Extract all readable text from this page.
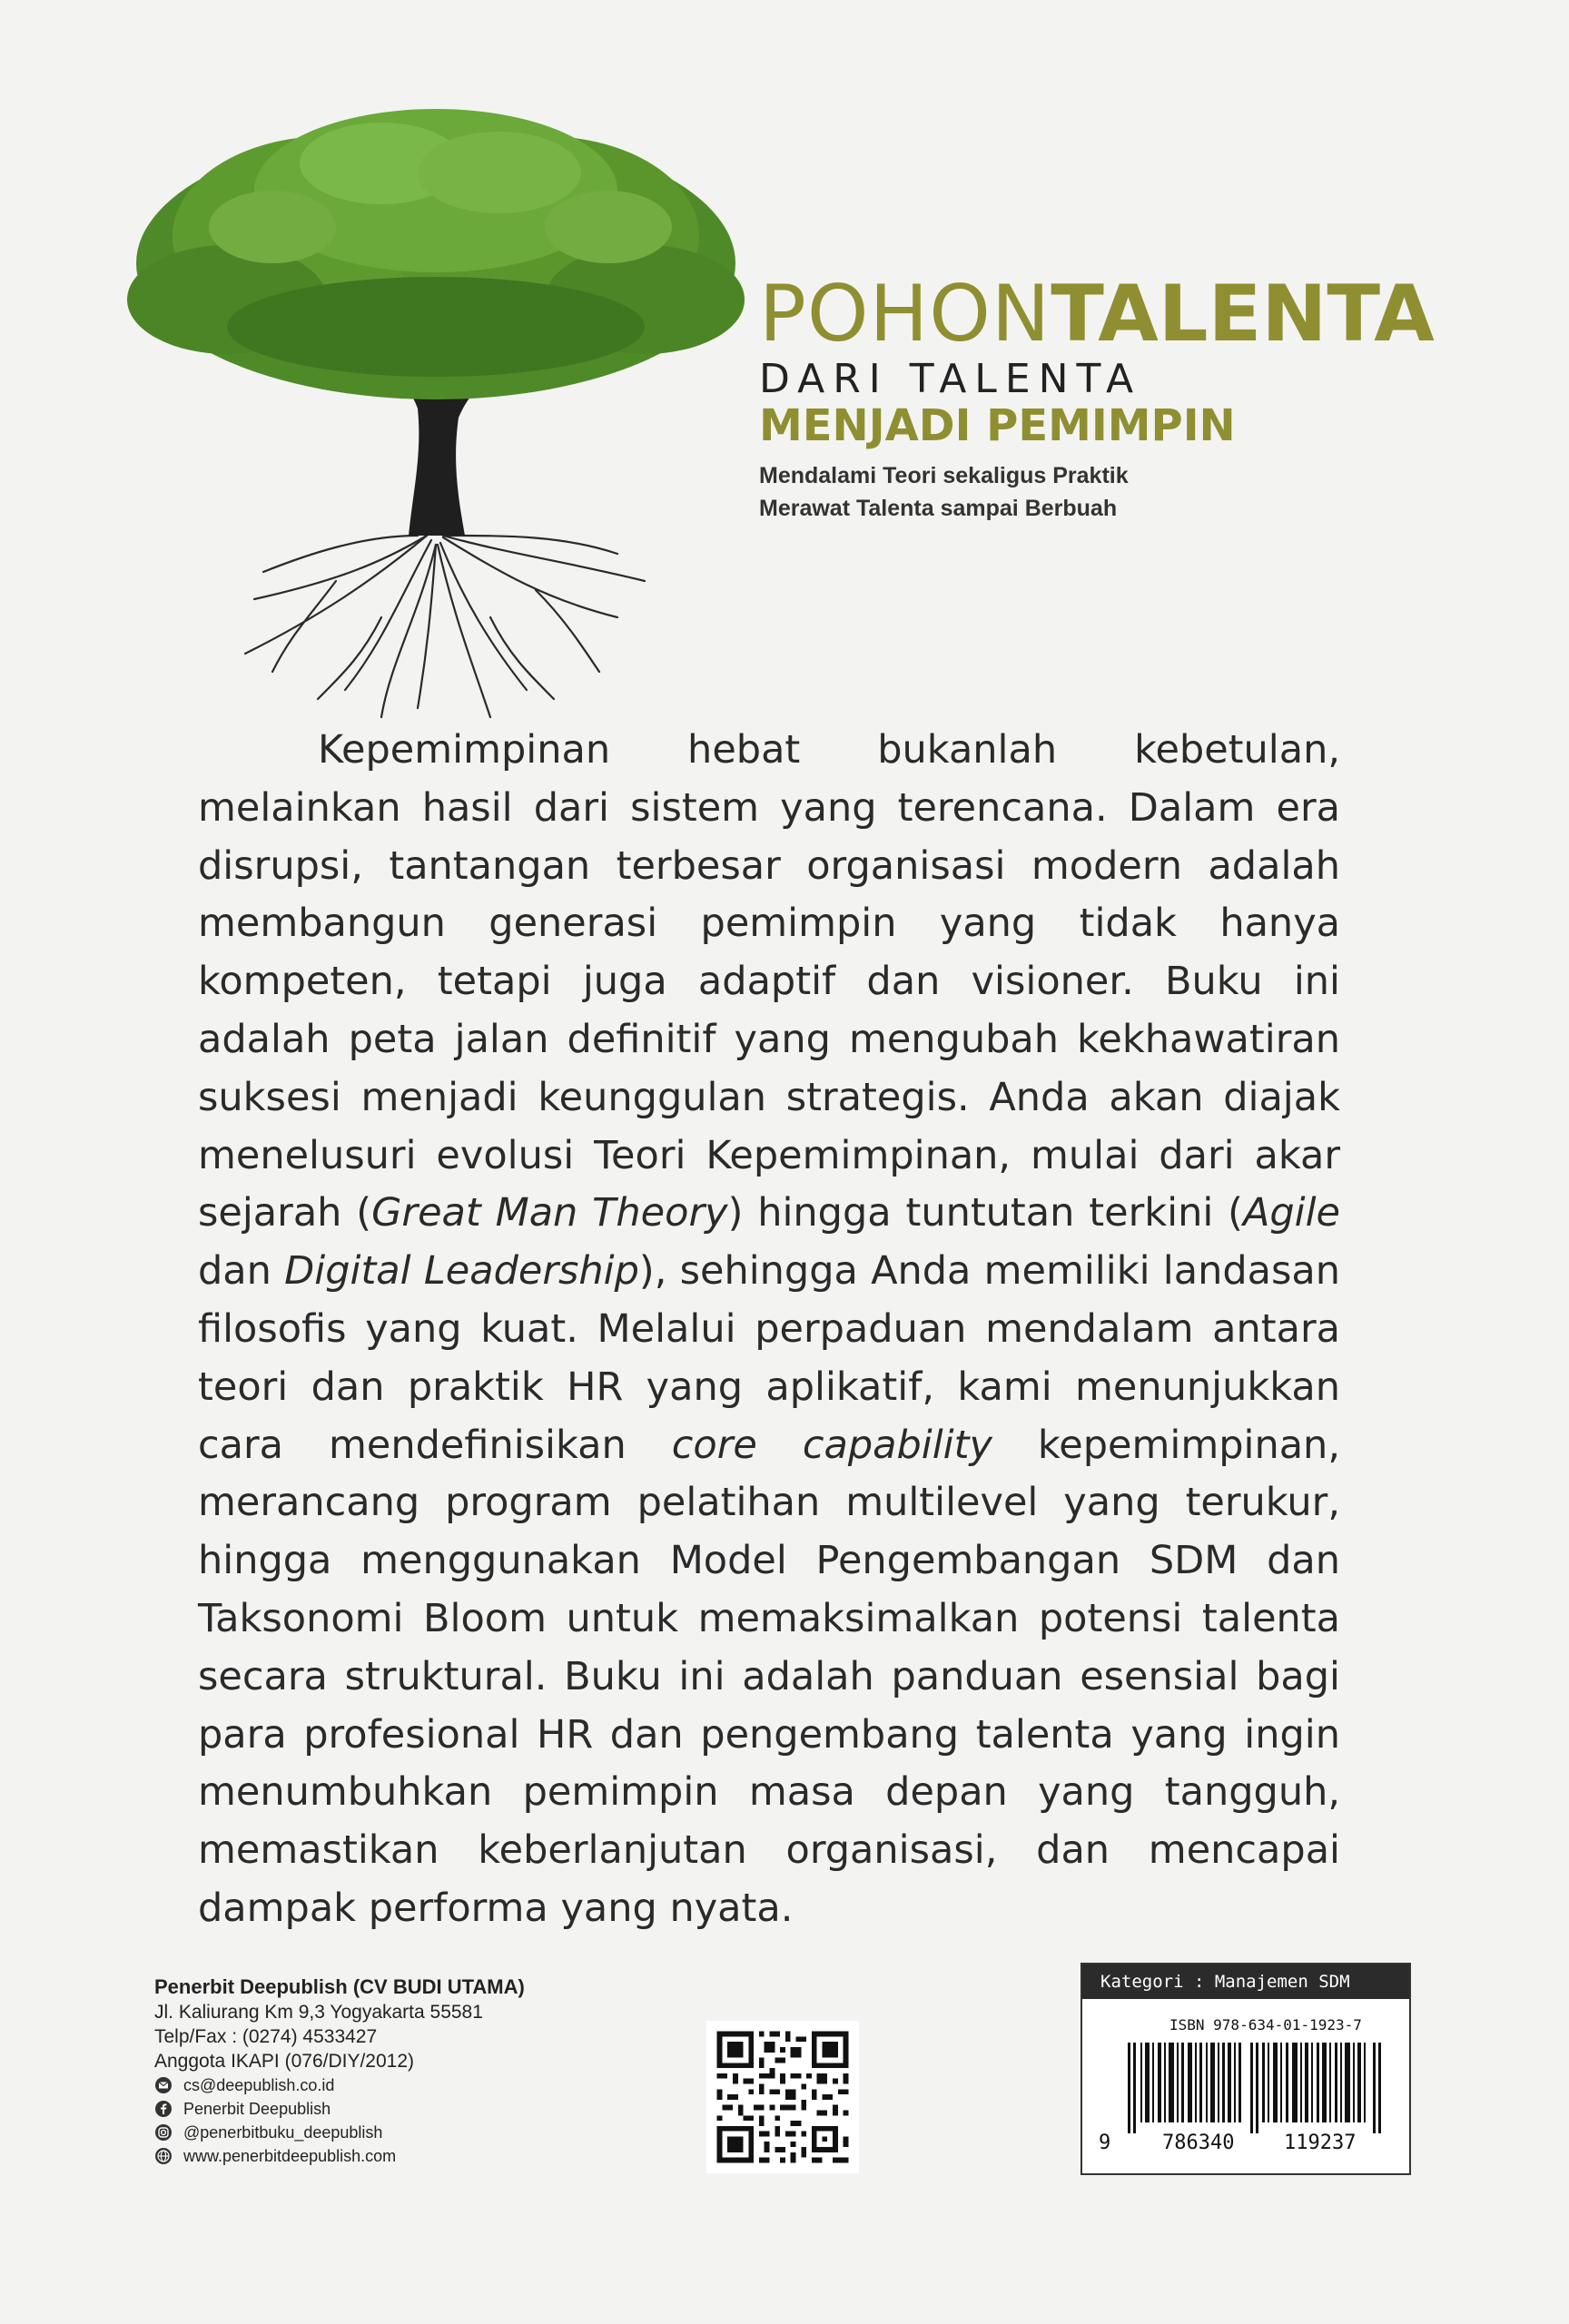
POHONTALENTA
DARI TALENTA
MENJADI PEMIMPIN
Mendalami Teori sekaligus Praktik
Merawat Talenta sampai Berbuah
Kepemimpinan hebat bukanlah kebetulan, melainkan hasil dari sistem yang terencana. Dalam era disrupsi, tantangan terbesar organisasi modern adalah membangun generasi pemimpin yang tidak hanya kompeten, tetapi juga adaptif dan visioner. Buku ini adalah peta jalan definitif yang mengubah kekhawatiran suksesi menjadi keunggulan strategis. Anda akan diajak menelusuri evolusi Teori Kepemimpinan, mulai dari akar sejarah (Great Man Theory) hingga tuntutan terkini (Agile dan Digital Leadership), sehingga Anda memiliki landasan filosofis yang kuat. Melalui perpaduan mendalam antara teori dan praktik HR yang aplikatif, kami menunjukkan cara mendefinisikan core capability kepemimpinan, merancang program pelatihan multilevel yang terukur, hingga menggunakan Model Pengembangan SDM dan Taksonomi Bloom untuk memaksimalkan potensi talenta secara struktural. Buku ini adalah panduan esensial bagi para profesional HR dan pengembang talenta yang ingin menumbuhkan pemimpin masa depan yang tangguh, memastikan keberlanjutan organisasi, dan mencapai dampak performa yang nyata.
Penerbit Deepublish (CV BUDI UTAMA)
Jl. Kaliurang Km 9,3 Yogyakarta 55581
Telp/Fax : (0274) 4533427
Anggota IKAPI (076/DIY/2012)
cs@deepublish.co.id
Penerbit Deepublish
@penerbitbuku_deepublish
www.penerbitdeepublish.com
Kategori : Manajemen SDM
ISBN 978-634-01-1923-7
9	786340 119237
